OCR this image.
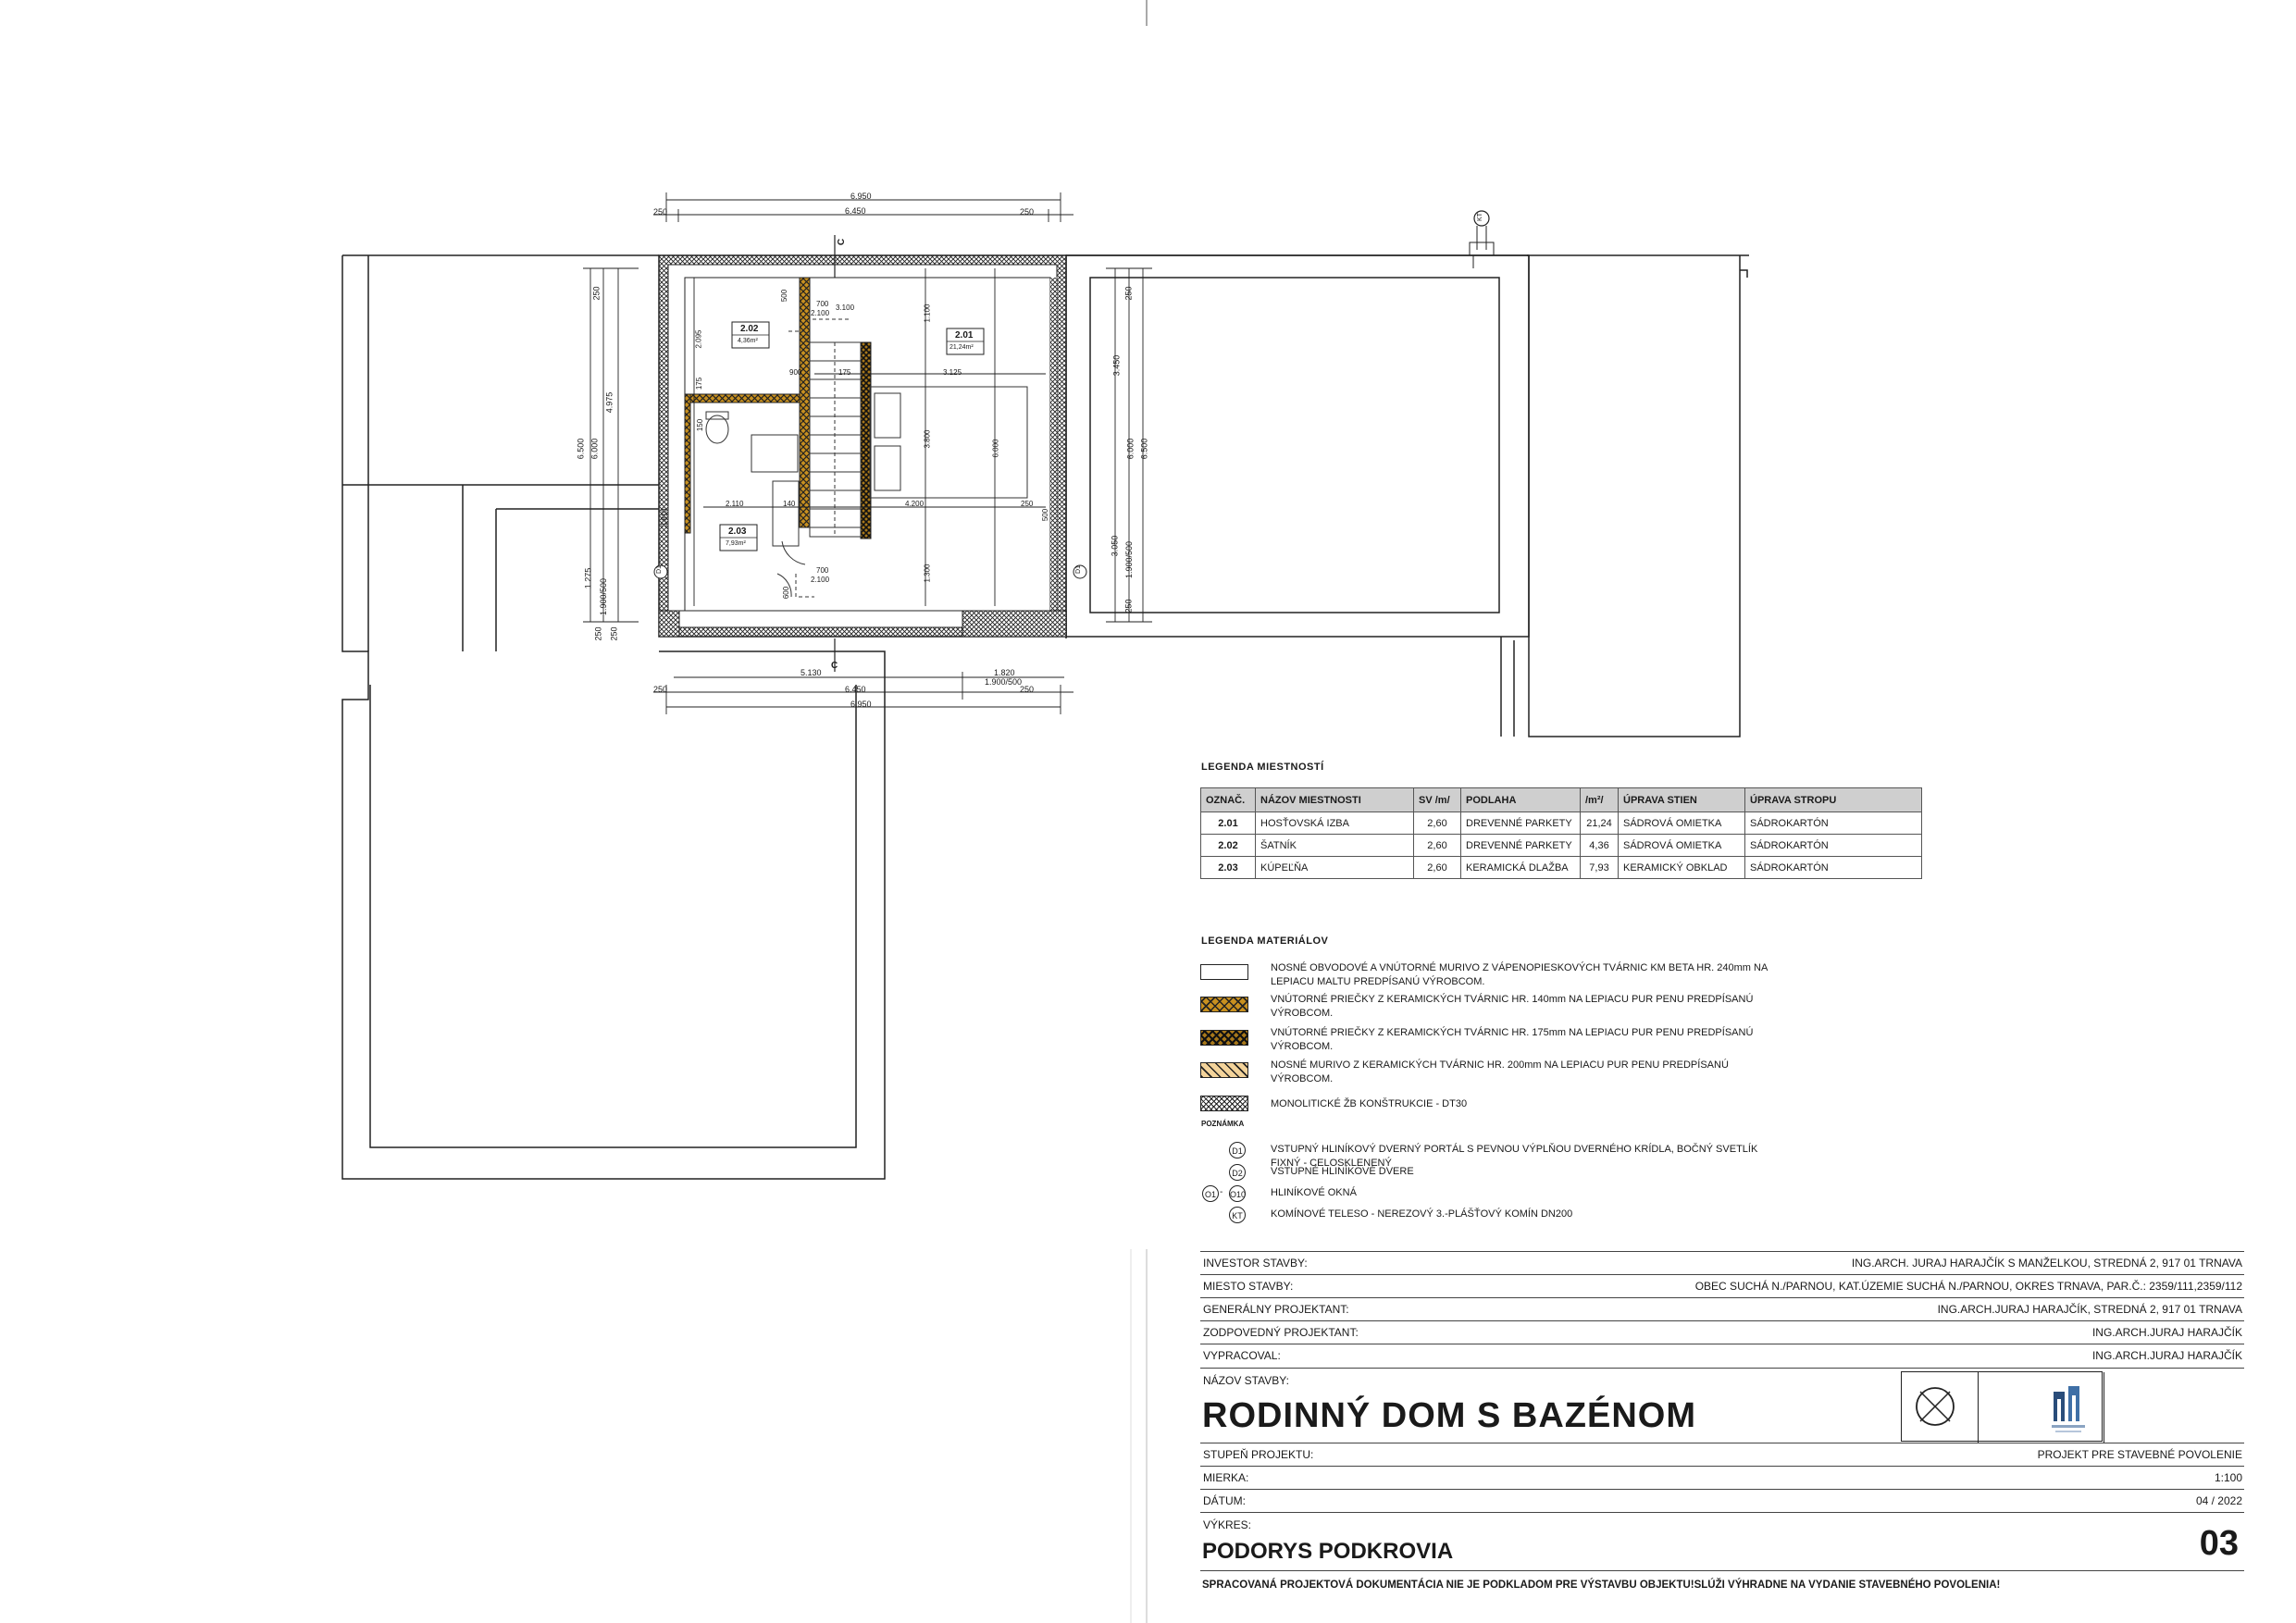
6.950
6.450
250	250
5.130	1.820
1.900/500
6.450
250	250
6.950
C
C
6.500 6.000
4.975
250
1.275 1.900/500
250 250
250
3.450
6.000 6.500
3.050 1.900/500
250
700
2.100
3.100
500
2.095
1.100
175
900	175	3.125
150
3.800	6.000
2.110	140	4.200	250
3.810
1.300
700
2.100
600
500
D1	D1
KT
2.02
4,36m²
2.01
21,24m²
2.03
7,93m²
LEGENDA MIESTNOSTÍ
OZNAČ.	NÁZOV MIESTNOSTI	SV /m/	PODLAHA	/m²/	ÚPRAVA STIEN	ÚPRAVA STROPU
2.01	HOSŤOVSKÁ IZBA	2,60	DREVENNÉ PARKETY	21,24	SÁDROVÁ OMIETKA	SÁDROKARTÓN
2.02	ŠATNÍK	2,60	DREVENNÉ PARKETY	4,36	SÁDROVÁ OMIETKA	SÁDROKARTÓN
2.03	KÚPEĽŇA	2,60	KERAMICKÁ DLAŽBA	7,93	KERAMICKÝ OBKLAD	SÁDROKARTÓN
LEGENDA MATERIÁLOV
NOSNÉ OBVODOVÉ A VNÚTORNÉ MURIVO Z VÁPENOPIESKOVÝCH TVÁRNIC KM BETA HR. 240mm NA LEPIACU MALTU PREDPÍSANÚ VÝROBCOM.
VNÚTORNÉ PRIEČKY Z KERAMICKÝCH TVÁRNIC HR. 140mm NA LEPIACU PUR PENU PREDPÍSANÚ VÝROBCOM.
VNÚTORNÉ PRIEČKY Z KERAMICKÝCH TVÁRNIC HR. 175mm NA LEPIACU PUR PENU PREDPÍSANÚ VÝROBCOM.
NOSNÉ MURIVO Z KERAMICKÝCH TVÁRNIC HR. 200mm NA LEPIACU PUR PENU PREDPÍSANÚ VÝROBCOM.
MONOLITICKÉ ŽB KONŠTRUKCIE - DT30
POZNÁMKA
D1	VSTUPNÝ HLINÍKOVÝ DVERNÝ PORTÁL S PEVNOU VÝPLŇOU DVERNÉHO KRÍDLA, BOČNÝ SVETLÍK FIXNÝ - CELOSKLENENÝ
D2	VSTUPNÉ HLINÍKOVÉ DVERE
O1 - O10 HLINÍKOVÉ OKNÁ
KT	KOMÍNOVÉ TELESO - NEREZOVÝ 3.-PLÁŠŤOVÝ KOMÍN DN200
INVESTOR STAVBY:	ING.ARCH. JURAJ HARAJČÍK S MANŽELKOU, STREDNÁ 2, 917 01 TRNAVA
MIESTO STAVBY:	OBEC SUCHÁ N./PARNOU, KAT.ÚZEMIE SUCHÁ N./PARNOU, OKRES TRNAVA, PAR.Č.: 2359/111,2359/112
GENERÁLNY PROJEKTANT:	ING.ARCH.JURAJ HARAJČÍK, STREDNÁ 2, 917 01 TRNAVA
ZODPOVEDNÝ PROJEKTANT:	ING.ARCH.JURAJ HARAJČÍK
VYPRACOVAL:	ING.ARCH.JURAJ HARAJČÍK
NÁZOV STAVBY:
RODINNÝ DOM S BAZÉNOM
STUPEŇ PROJEKTU:	PROJEKT PRE STAVEBNÉ POVOLENIE
MIERKA:	1:100
DÁTUM:	04 / 2022
VÝKRES:
PODORYS PODKROVIA	03
SPRACOVANÁ PROJEKTOVÁ DOKUMENTÁCIA NIE JE PODKLADOM PRE VÝSTAVBU OBJEKTU!SLÚŽI VÝHRADNE NA VYDANIE STAVEBNÉHO POVOLENIA!
